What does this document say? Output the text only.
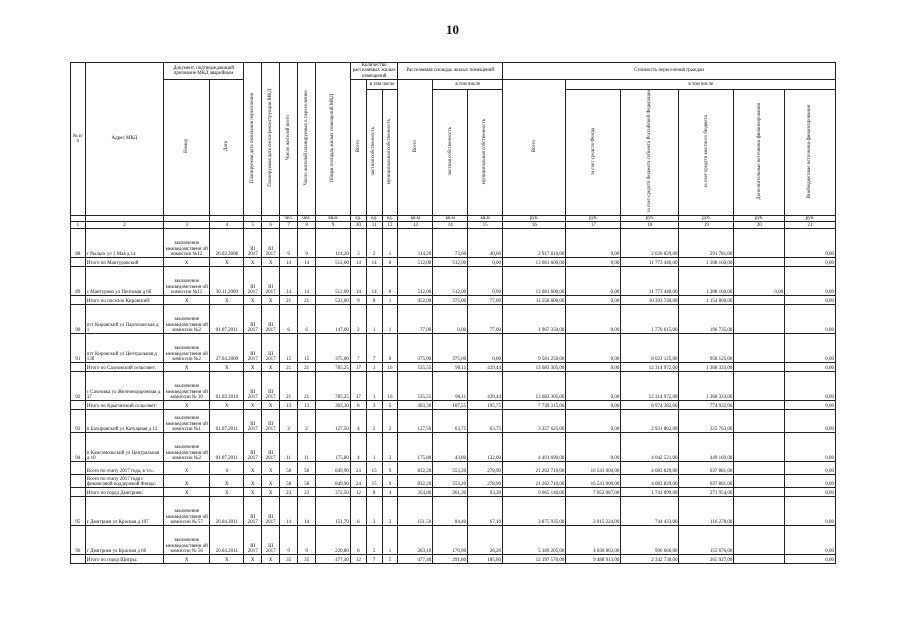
10
№ п/п	Адрес МКД	Документ, подтверждающий признание МКД аварийным		Планируемая дата окончания переселения	Планируемая дата сноса/реконструкции МКД	Число жителей всего	Число жителей планируемых к переселению	Общая площадь жилых помещений МКД	Количество расселяемых жилых помещений			Расселяемая площадь жилых помещений			Стоимость переселения граждан					
		Номер	Дата						Всего	в том числе		Всего	в том числе		Всего	в том числе				
										частная собственность	муниципальная собственность		частная собственность	муниципальная собственность		за счет средств Фонда	за счет средств бюджета субъекта Российской Федерации	за счет средств местного бюджета	Дополнительные источники финансирования	Внебюджетные источники финансирования
						чел.	чел.	кв.м	ед.	ед.	ед.	кв.м	кв.м	кв.м	руб.	руб.	руб.	руб.	руб.	руб.
1	2	3	4	5	6	7	8	9	10	11	12	13	14	15	16	17	18	19	20	21
88	г Рыльск ул 1 Мая д.14	заключение межведомственн ой комиссии №12	26.02.2008	III 2017	III 2017	9	9	114,20	3	2	1	114,20	73,60	40,60	2 917 810,00	0,00	2 626 029,00	291 781,00		0,00
	Итого по Мантуровский	X	X	X	X	14	14	512,00	14	14	0	512,00	512,00	0,00	13 081 600,00	0,00	11 773 440,00	1 308 160,00		0,00
89	с Мантурово ул Почтовая д 6б	заключение межведомственн ой комиссии №11	30.11.2009	III 2017	III 2017	14	14	512,00	14	14	0	512,00	512,00	0,00	13 081 600,00	0,00	11 773 440,00	1 308 160,00	0,00	0,00
	Итого по поселок Кировский:	X	X	X	X	21	21	522,00	9	8	1	452,00	375,00	77,00	11 558 600,00	0,00	10 393 740,00	1 154 860,00		0,00
90	пгт Кировский ул Партизанская д 1	заключение межведомственн ой комиссии №2	01.07.2011	III 2017	III 2017	6	6	147,00	2	1	1	77,00	0,00	77,00	1 967 350,00	0,00	1 770 615,00	196 735,00		0,00
91	пгт Кировский ул Центральная д 13б	заключение межведомственн ой комиссии №2	27.04.2009	III 2017	III 2017	15	15	375,00	7	7	0	375,00	375,00	0,00	9 581 250,00	0,00	8 623 125,00	958 125,00		0,00
	Итого по Сахновский сельсовет:	X	X	X	X	21	21	785,25	17	1	16	535,55	96,11	439,44	13 683 305,00	0,00	12 314 972,00	1 368 333,00		0,00
92	с Сахновка ул Железнодорожная д 37	заключение межведомственн ой комиссии № 10	01.02.2010	III 2017	III 2017	21	21	785,25	17	1	16	535,55	96,11	439,44	13 683 305,00	0,00	12 314 972,00	1 368 333,00		0,00
	Итого по Крыгинский сельсовет:	X	X	X	X	13	13	303,30	8	3	5	303,30	107,55	195,75	7 749 315,00	0,00	6 974 383,00	774 932,00		0,00
93	п Бахировский ул Катуарная д 12	заключение межведомственн ой комиссии №1	01.07.2011	III 2017	III 2017	2	2	127,50	4	2	2	127,50	63,75	63,75	3 257 625,00	0,00	2 931 862,00	325 763,00		0,00
94	п Комсомольский ул Центральная д 10	заключение межведомственн ой комиссии №2	01.07.2011	III 2017	III 2017	11	11	175,80	4	1	3	175,80	43,80	132,00	4 491 690,00	0,00	4 042 521,00	449 169,00		0,00
	Всего по этапу 2017 года, в т.ч.:	X	6	X	X	58	58	849,90	24	15	9	832,20	553,20	278,90	21 262 710,00	16 541 000,00	4 083 829,00	637 881,00		0,00
	Всего по этапу 2017 года с финансовой поддержкой Фонда:	X	X	X	X	58	58	849,90	24	15	9	832,20	553,20	278,90	21 262 710,00	16 541 000,00	4 083 829,00	637 881,00		0,00
	Итого по город Дмитриев:	X	X	X	X	23	23	372,50	12	8	4	354,80	261,30	93,30	9 065 140,00	7 052 087,00	1 741 099,00	271 954,00		0,00
95	г Дмитриев ул Красная д 107	заключение межведомственн ой комиссии № 57	20.04.2011	III 2017	III 2017	14	14	151,70	6	3	3	151,50	84,40	67,10	3 875 935,00	3 015 224,00	744 433,00	116 278,00		0,00
96	г Дмитриев ул Красная д 66	заключение межведомственн ой комиссии № 56	20.04.2011	III 2017	III 2017	9	9	220,80	6	5	1	203,10	176,90	26,20	5 189 205,00	4 036 863,00	996 666,00	155 676,00		0,00
	Итого по город Щигры:	X	X	X	X	35	35	477,40	12	7	5	477,40	291,80	185,60	12 197 570,00	9 488 913,00	2 342 730,00	365 927,00		0,00
